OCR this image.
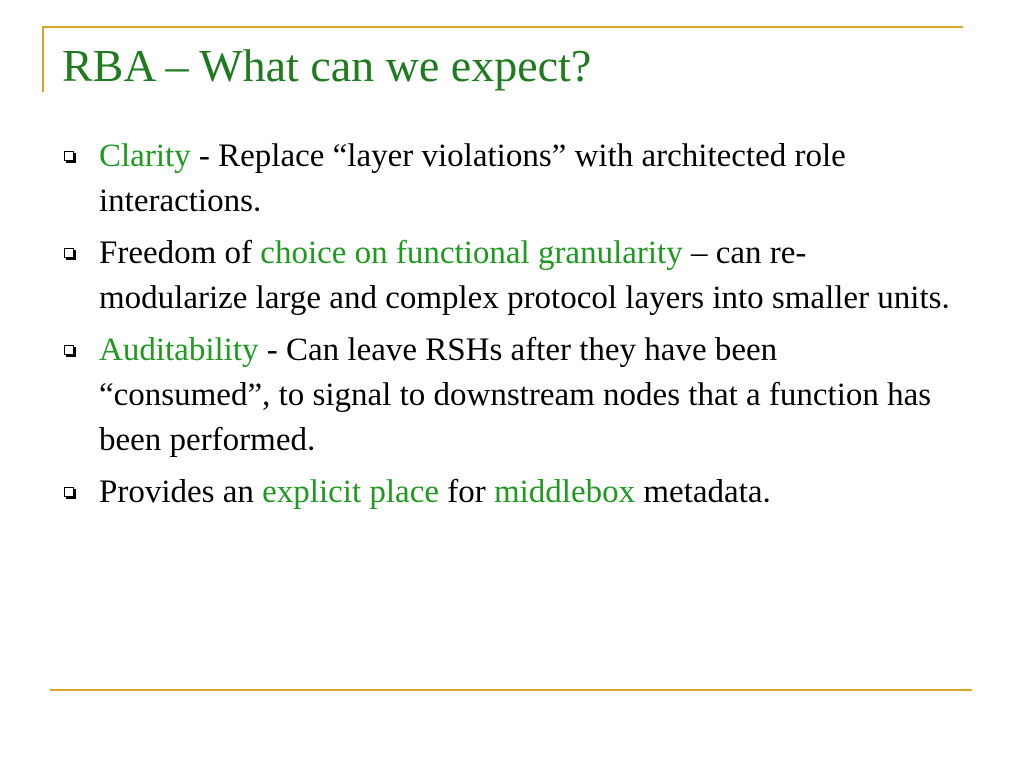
RBA – What can we expect?
Clarity - Replace “layer violations” with architected role interactions.
Freedom of choice on functional granularity – can re-modularize large and complex protocol layers into smaller units.
Auditability - Can leave RSHs after they have been “consumed”, to signal to downstream nodes that a function has been performed.
Provides an explicit place for middlebox metadata.
